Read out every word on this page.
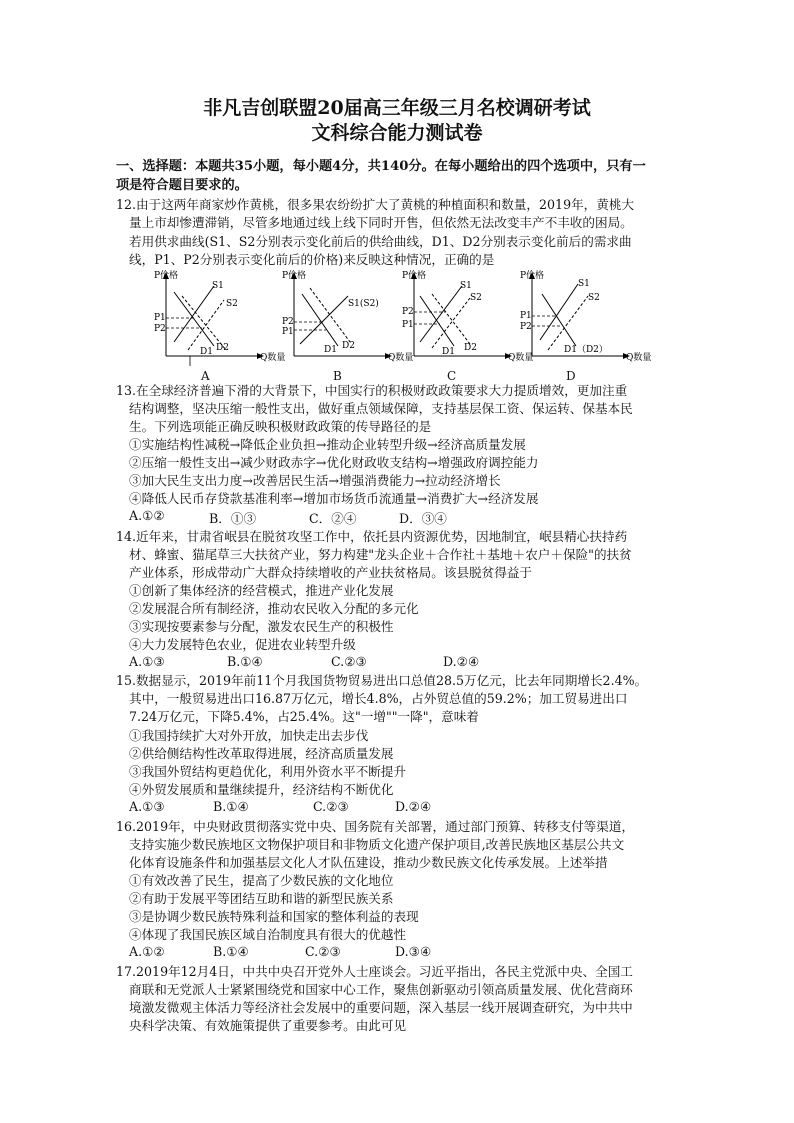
非凡吉创联盟20届高三年级三月名校调研考试
文科综合能力测试卷
一、选择题：本题共35小题，每小题4分，共140分。在每小题给出的四个选项中，只有一
项是符合题目要求的。
12.由于这两年商家炒作黄桃，很多果农纷纷扩大了黄桃的种植面积和数量，2019年，黄桃大
量上市却惨遭滞销，尽管多地通过线上线下同时开售，但依然无法改变丰产不丰收的困局。
若用供求曲线(S1、S2分别表示变化前后的供给曲线，D1、D2分别表示变化前后的需求曲
线，P1、P2分别表示变化前后的价格)来反映这种情况，正确的是
P价格
Q数量
P1
P2
S1
S2
D1 D2
A
P价格
Q数量
P2
P1
S1(S2)
D1 D2
B
P价格
Q数量
P2
P1
S1
S2
D1 D2
C
P价格
Q数量
P1
P2
S1
S2
D1（D2）
D
13.在全球经济普遍下滑的大背景下，中国实行的积极财政政策要求大力提质增效，更加注重
结构调整，坚决压缩一般性支出，做好重点领域保障，支持基层保工资、保运转、保基本民
生。下列选项能正确反映积极财政政策的传导路径的是
①实施结构性减税→降低企业负担→推动企业转型升级→经济高质量发展
②压缩一般性支出→减少财政赤字→优化财政收支结构→增强政府调控能力
③加大民生支出力度→改善居民生活→增强消费能力→拉动经济增长
④降低人民币存贷款基准利率→增加市场货币流通量→消费扩大→经济发展
A.①②	B．①③	C．②④	D．③④
14.近年来，甘肃省岷县在脱贫攻坚工作中，依托县内资源优势，因地制宜，岷县精心扶持药
材、蜂蜜、猫尾草三大扶贫产业，努力构建"龙头企业＋合作社＋基地＋农户＋保险"的扶贫
产业体系，形成带动广大群众持续增收的产业扶贫格局。该县脱贫得益于
①创新了集体经济的经营模式，推进产业化发展
②发展混合所有制经济，推动农民收入分配的多元化
③实现按要素参与分配，激发农民生产的积极性
④大力发展特色农业，促进农业转型升级
A.①③	B.①④	C.②③	D.②④
15.数据显示，2019年前11个月我国货物贸易进出口总值28.5万亿元，比去年同期增长2.4%。
其中，一般贸易进出口16.87万亿元，增长4.8%，占外贸总值的59.2%；加工贸易进出口
7.24万亿元，下降5.4%，占25.4%。这"一增""一降"，意味着
①我国持续扩大对外开放，加快走出去步伐
②供给侧结构性改革取得进展，经济高质量发展
③我国外贸结构更趋优化，利用外资水平不断提升
④外贸发展质和量继续提升，经济结构不断优化
A.①③	B.①④	C.②③	D.②④
16.2019年，中央财政贯彻落实党中央、国务院有关部署，通过部门预算、转移支付等渠道，
支持实施少数民族地区文物保护项目和非物质文化遗产保护项目,改善民族地区基层公共文
化体育设施条件和加强基层文化人才队伍建设，推动少数民族文化传承发展。上述举措
①有效改善了民生，提高了少数民族的文化地位
②有助于发展平等团结互助和谐的新型民族关系
③是协调少数民族特殊利益和国家的整体利益的表现
④体现了我国民族区域自治制度具有很大的优越性
A.①②	B.①④	C.②③	D.③④
17.2019年12月4日，中共中央召开党外人士座谈会。习近平指出，各民主党派中央、全国工
商联和无党派人士紧紧围绕党和国家中心工作，聚焦创新驱动引领高质量发展、优化营商环
境激发微观主体活力等经济社会发展中的重要问题，深入基层一线开展调查研究，为中共中
央科学决策、有效施策提供了重要参考。由此可见
